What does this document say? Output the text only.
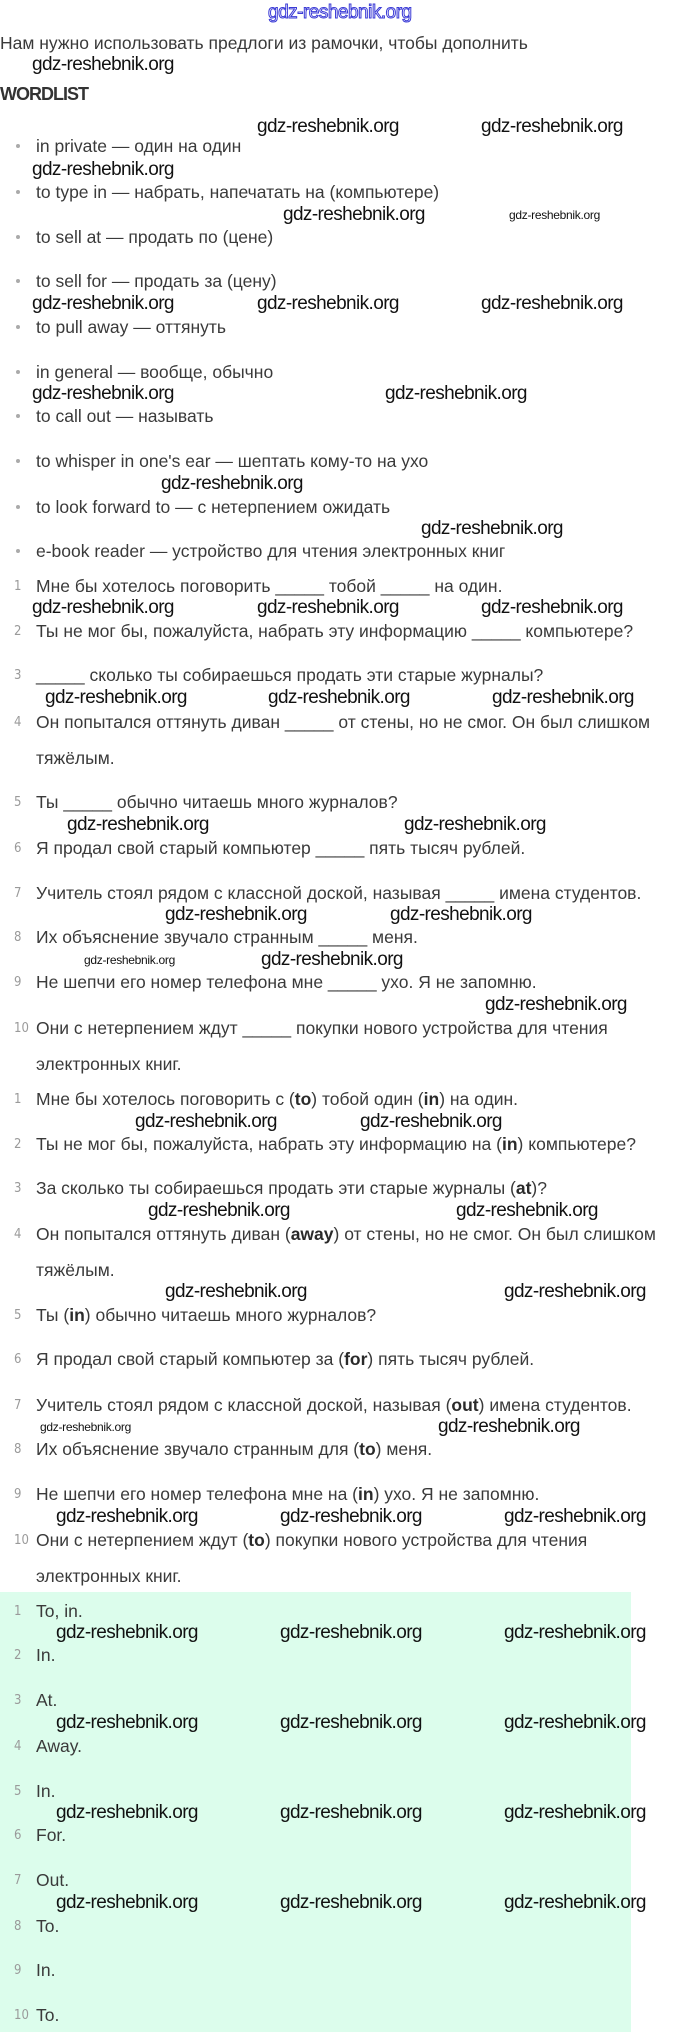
gdz-reshebnik.org
Нам нужно использовать предлоги из рамочки, чтобы дополнить
WORDLIST
in private — один на один
to type in — набрать, напечатать на (компьютере)
to sell at — продать по (цене)
to sell for — продать за (цену)
to pull away — оттянуть
in general — вообще, обычно
to call out — называть
to whisper in one's ear — шептать кому-то на ухо
to look forward to — с нетерпением ожидать
e-book reader — устройство для чтения электронных книг
1 Мне бы хотелось поговорить _____ тобой _____ на один.
2 Ты не мог бы, пожалуйста, набрать эту информацию _____ компьютере?
3 _____ сколько ты собираешься продать эти старые журналы?
4 Он попытался оттянуть диван _____ от стены, но не смог. Он был слишком
тяжёлым.
5 Ты _____ обычно читаешь много журналов?
6 Я продал свой старый компьютер _____ пять тысяч рублей.
7 Учитель стоял рядом с классной доской, называя _____ имена студентов.
8 Их объяснение звучало странным _____ меня.
9 Не шепчи его номер телефона мне _____ ухо. Я не запомню.
10 Они с нетерпением ждут _____ покупки нового устройства для чтения
электронных книг.
1 Мне бы хотелось поговорить с (to) тобой один (in) на один.
2 Ты не мог бы, пожалуйста, набрать эту информацию на (in) компьютере?
3 За сколько ты собираешься продать эти старые журналы (at)?
4 Он попытался оттянуть диван (away) от стены, но не смог. Он был слишком
тяжёлым.
5 Ты (in) обычно читаешь много журналов?
6 Я продал свой старый компьютер за (for) пять тысяч рублей.
7 Учитель стоял рядом с классной доской, называя (out) имена студентов.
8 Их объяснение звучало странным для (to) меня.
9 Не шепчи его номер телефона мне на (in) ухо. Я не запомню.
10 Они с нетерпением ждут (to) покупки нового устройства для чтения
электронных книг.
1 To, in.
2 In.
3 At.
4 Away.
5 In.
6 For.
7 Out.
8 To.
9 In.
10 To.
gdz-reshebnik.org
gdz-reshebnik.org	gdz-reshebnik.org
gdz-reshebnik.org
gdz-reshebnik.org	gdz-reshebnik.org
gdz-reshebnik.org	gdz-reshebnik.org	gdz-reshebnik.org
gdz-reshebnik.org	gdz-reshebnik.org
gdz-reshebnik.org
gdz-reshebnik.org
gdz-reshebnik.org	gdz-reshebnik.org	gdz-reshebnik.org
gdz-reshebnik.org	gdz-reshebnik.org	gdz-reshebnik.org
gdz-reshebnik.org	gdz-reshebnik.org
gdz-reshebnik.org	gdz-reshebnik.org
gdz-reshebnik.org	gdz-reshebnik.org
gdz-reshebnik.org
gdz-reshebnik.org	gdz-reshebnik.org
gdz-reshebnik.org	gdz-reshebnik.org
gdz-reshebnik.org
gdz-reshebnik.org
gdz-reshebnik.org	gdz-reshebnik.org
gdz-reshebnik.org	gdz-reshebnik.org	gdz-reshebnik.org
gdz-reshebnik.org	gdz-reshebnik.org	gdz-reshebnik.org
gdz-reshebnik.org	gdz-reshebnik.org	gdz-reshebnik.org
gdz-reshebnik.org	gdz-reshebnik.org	gdz-reshebnik.org
gdz-reshebnik.org	gdz-reshebnik.org	gdz-reshebnik.org
